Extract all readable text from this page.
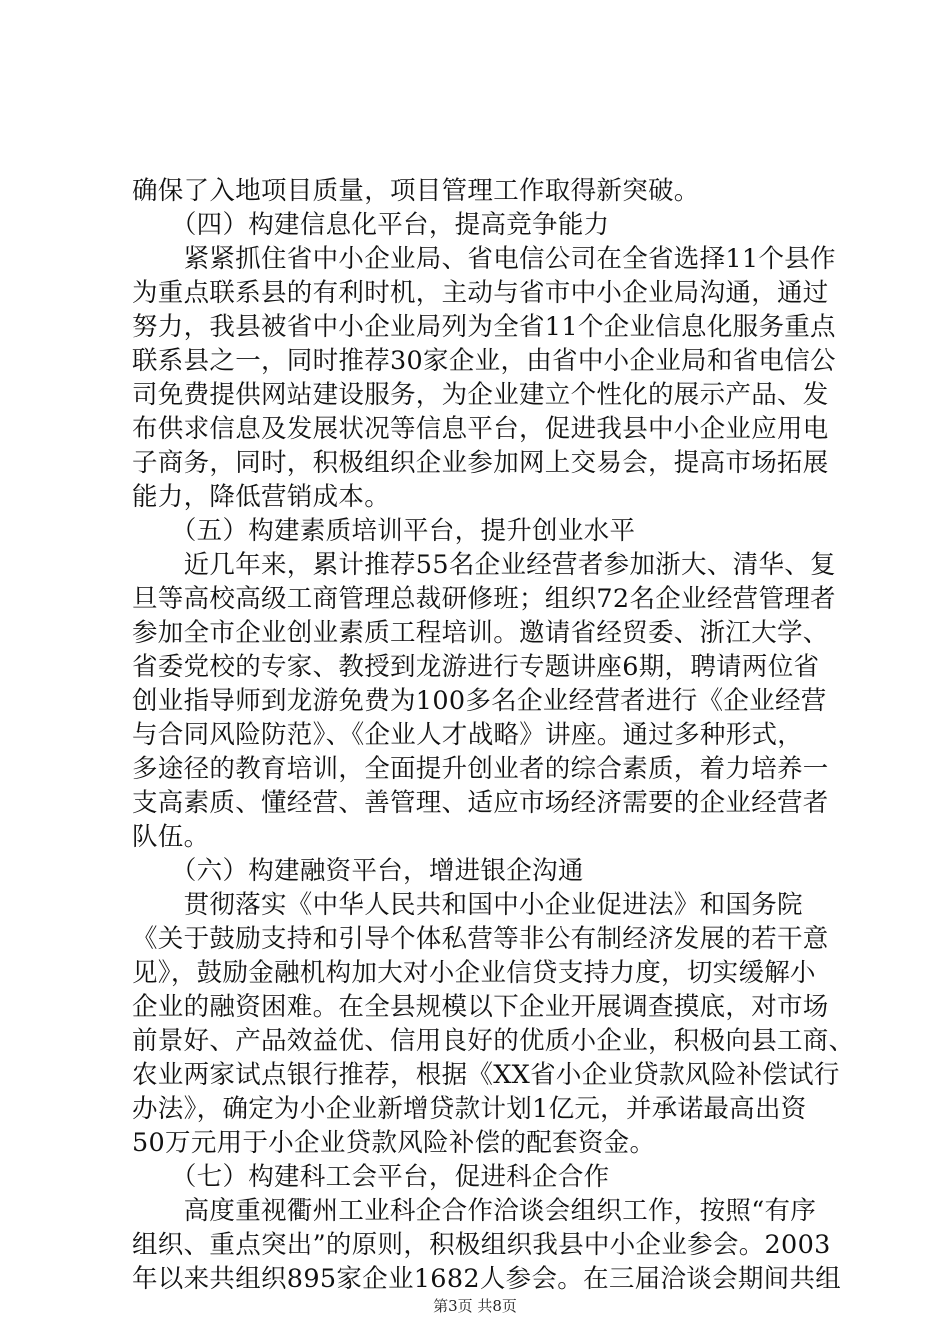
确保了入地项目质量，项目管理工作取得新突破。
　　（四）构建信息化平台，提高竞争能力
　　紧紧抓住省中小企业局、省电信公司在全省选择11个县作
为重点联系县的有利时机，主动与省市中小企业局沟通，通过
努力，我县被省中小企业局列为全省11个企业信息化服务重点
联系县之一，同时推荐30家企业，由省中小企业局和省电信公
司免费提供网站建设服务，为企业建立个性化的展示产品、发
布供求信息及发展状况等信息平台，促进我县中小企业应用电
子商务，同时，积极组织企业参加网上交易会，提高市场拓展
能力，降低营销成本。
　　（五）构建素质培训平台，提升创业水平
　　近几年来，累计推荐55名企业经营者参加浙大、清华、复
旦等高校高级工商管理总裁研修班；组织72名企业经营管理者
参加全市企业创业素质工程培训。邀请省经贸委、浙江大学、
省委党校的专家、教授到龙游进行专题讲座6期，聘请两位省
创业指导师到龙游免费为100多名企业经营者进行《企业经营
与合同风险防范》、《企业人才战略》讲座。通过多种形式，
多途径的教育培训，全面提升创业者的综合素质，着力培养一
支高素质、懂经营、善管理、适应市场经济需要的企业经营者
队伍。
　　（六）构建融资平台，增进银企沟通
　　贯彻落实《中华人民共和国中小企业促进法》和国务院
《关于鼓励支持和引导个体私营等非公有制经济发展的若干意
见》，鼓励金融机构加大对小企业信贷支持力度，切实缓解小
企业的融资困难。在全县规模以下企业开展调查摸底，对市场
前景好、产品效益优、信用良好的优质小企业，积极向县工商、
农业两家试点银行推荐，根据《XX省小企业贷款风险补偿试行
办法》，确定为小企业新增贷款计划1亿元，并承诺最高出资
50万元用于小企业贷款风险补偿的配套资金。
　　（七）构建科工会平台，促进科企合作
　　高度重视衢州工业科企合作洽谈会组织工作，按照“有序
组织、重点突出”的原则，积极组织我县中小企业参会。2003
年以来共组织895家企业1682人参会。在三届洽谈会期间共组
第3页 共8页
